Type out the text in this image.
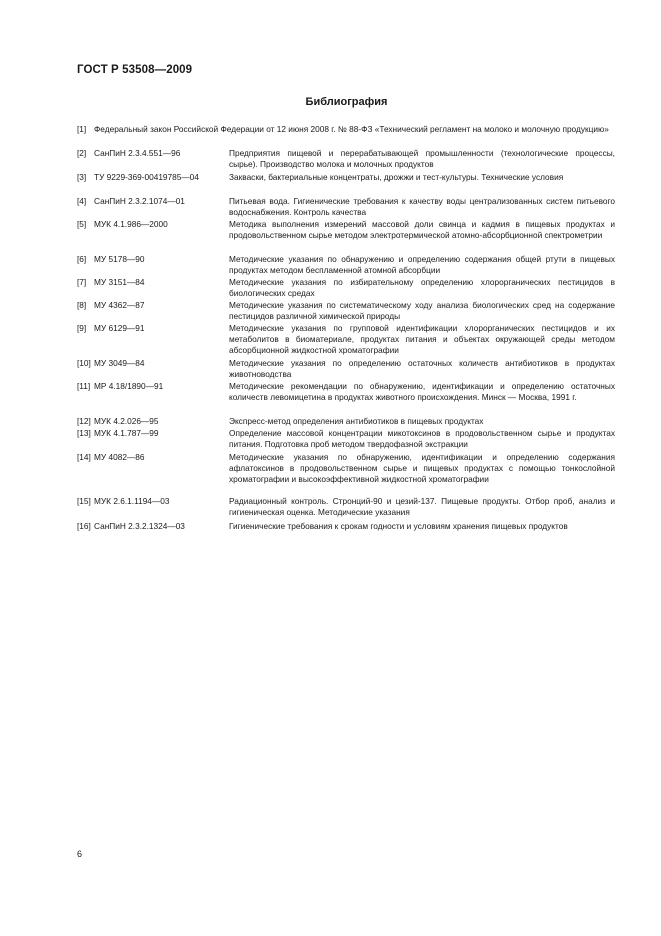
ГОСТ Р 53508—2009
Библиография
[1] Федеральный закон Российской Федерации от 12 июня 2008 г. № 88-ФЗ «Технический регламент на молоко и молочную продукцию»
[2] СанПиН 2.3.4.551—96	Предприятия пищевой и перерабатывающей промышленности (технологические процессы, сырье). Производство молока и молочных продуктов
[3] ТУ 9229-369-00419785—04	Закваски, бактериальные концентраты, дрожжи и тест-культуры. Технические условия
[4] СанПиН 2.3.2.1074—01	Питьевая вода. Гигиенические требования к качеству воды централизованных систем питьевого водоснабжения. Контроль качества
[5] МУК 4.1.986—2000	Методика выполнения измерений массовой доли свинца и кадмия в пищевых продуктах и продовольственном сырье методом электротермической атомно-абсорбционной спектрометрии
[6] МУ 5178—90	Методические указания по обнаружению и определению содержания общей ртути в пищевых продуктах методом беспламенной атомной абсорбции
[7] МУ 3151—84	Методические указания по избирательному определению хлорорганических пестицидов в биологических средах
[8] МУ 4362—87	Методические указания по систематическому ходу анализа биологических сред на содержание пестицидов различной химической природы
[9] МУ 6129—91	Методические указания по групповой идентификации хлорорганических пестицидов и их метаболитов в биоматериале, продуктах питания и объектах окружающей среды методом абсорбционной жидкостной хроматографии
[10] МУ 3049—84	Методические указания по определению остаточных количеств антибиотиков в продуктах животноводства
[11] МР 4.18/1890—91	Методические рекомендации по обнаружению, идентификации и определению остаточных количеств левомицетина в продуктах животного происхождения. Минск — Москва, 1991 г.
[12] МУК 4.2.026—95	Экспресс-метод определения антибиотиков в пищевых продуктах
[13] МУК 4.1.787—99	Определение массовой концентрации микотоксинов в продовольственном сырье и продуктах питания. Подготовка проб методом твердофазной экстракции
[14] МУ 4082—86	Методические указания по обнаружению, идентификации и определению содержания афлатоксинов в продовольственном сырье и пищевых продуктах с помощью тонкослойной хроматографии и высокоэффективной жидкостной хроматографии
[15] МУК 2.6.1.1194—03	Радиационный контроль. Стронций-90 и цезий-137. Пищевые продукты. Отбор проб, анализ и гигиеническая оценка. Методические указания
[16] СанПиН 2.3.2.1324—03	Гигиенические требования к срокам годности и условиям хранения пищевых продуктов
6
